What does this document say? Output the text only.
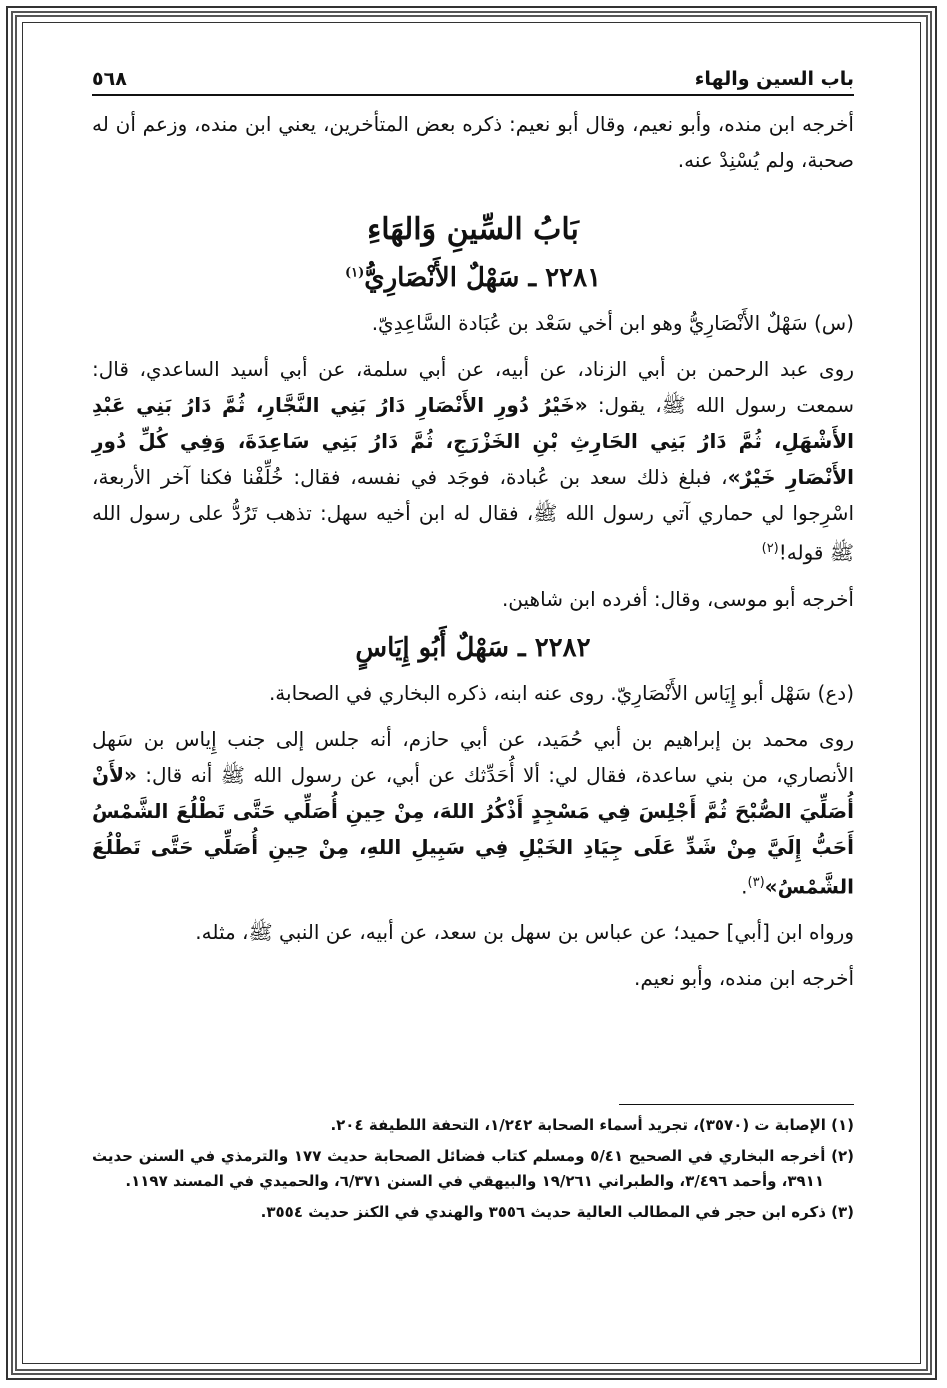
باب السين والهاء
٥٦٨

أخرجه ابن منده، وأبو نعيم، وقال أبو نعيم: ذكره بعض المتأخرين، يعني ابن منده، وزعم أن له صحبة، ولم يُسْنِدْ عنه.

بَابُ السِّينِ وَالهَاءِ
٢٢٨١ ـ سَهْلٌ الأَنْصَارِيُّ$^{(١)}$

(س) سَهْلٌ الأَنْصَارِيُّ وهو ابن أخي سَعْد بن عُبَادة السَّاعِدِيّ.

روى عبد الرحمن بن أبي الزناد، عن أبيه، عن أبي سلمة، عن أبي أسيد الساعدي، قال: سمعت رسول الله ﷺ، يقول: «خَيْرُ دُورِ الأَنْصَارِ دَارُ بَنِي النَّجَّارِ، ثُمَّ دَارُ بَنِي عَبْدِ الأَشْهَلِ، ثُمَّ دَارُ بَنِي الحَارِثِ بْنِ الخَزْرَجِ، ثُمَّ دَارُ بَنِي سَاعِدَةَ، وَفِي كُلِّ دُورِ الأَنْصَارِ خَيْرٌ»، فبلغ ذلك سعد بن عُبادة، فوجَد في نفسه، فقال: خُلِّفْنا فكنا آخر الأربعة، اسْرِجوا لي حماري آتي رسول الله ﷺ، فقال له ابن أخيه سهل: تذهب تَرُدُّ على رسول الله ﷺ قوله!$^{(٢)}$

أخرجه أبو موسى، وقال: أفرده ابن شاهين.

٢٢٨٢ ـ سَهْلٌ أَبُو إِيَاسٍ

(دع) سَهْل أبو إِيَاس الأَنْصَارِيّ. روى عنه ابنه، ذكره البخاري في الصحابة.

روى محمد بن إبراهيم بن أبي حُمَيد، عن أبي حازم، أنه جلس إلى جنب إِياس بن سَهل الأنصاري، من بني ساعدة، فقال لي: ألا أُحَدِّثك عن أبي، عن رسول الله ﷺ أنه قال: «لأَنْ أُصَلِّيَ الصُّبْحَ ثُمَّ أَجْلِسَ فِي مَسْجِدٍ أَذْكُرُ اللهَ، مِنْ حِينِ أُصَلِّي حَتَّى تَطْلُعَ الشَّمْسُ أَحَبُّ إِلَيَّ مِنْ شَدِّ عَلَى جِيَادِ الخَيْلِ فِي سَبِيلِ اللهِ، مِنْ حِينِ أُصَلِّي حَتَّى تَطْلُعَ الشَّمْسُ»$^{(٣)}$.

ورواه ابن [أبي] حميد؛ عن عباس بن سهل بن سعد، عن أبيه، عن النبي ﷺ، مثله.

أخرجه ابن منده، وأبو نعيم.

(١) الإصابة ت (٣٥٧٠)، تجريد أسماء الصحابة ١/٢٤٢، التحفة اللطيفة ٢٠٤.

(٢) أخرجه البخاري في الصحيح ٥/٤١ ومسلم كتاب فضائل الصحابة حديث ١٧٧ والترمذي في السنن حديث ٣٩١١، وأحمد ٣/٤٩٦، والطبراني ١٩/٢٦١ والبيهقي في السنن ٦/٣٧١، والحميدي في المسند ١١٩٧.

(٣) ذكره ابن حجر في المطالب العالية حديث ٣٥٥٦ والهندي في الكنز حديث ٣٥٥٤.
